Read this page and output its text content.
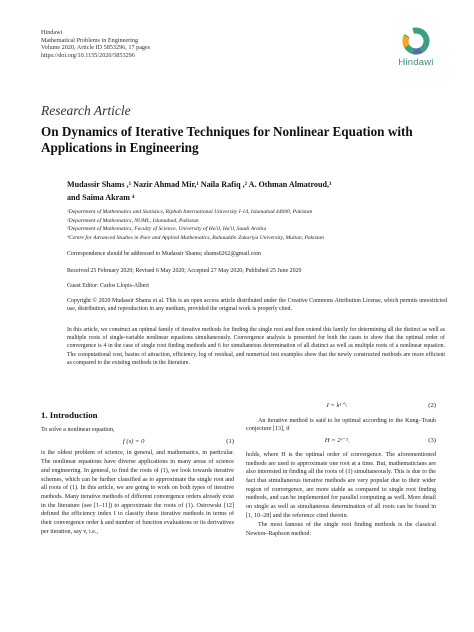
Hindawi
Mathematical Problems in Engineering
Volume 2020, Article ID 5853296, 17 pages
https://doi.org/10.1155/2020/5853296
Hindawi
Research Article
On Dynamics of Iterative Techniques for Nonlinear Equation with Applications in Engineering
Mudassir Shams ,¹ Nazir Ahmad Mir,¹ Naila Rafiq ,² A. Othman Almatroud,³
and Saima Akram ⁴
¹Department of Mathematics and Statistics, Riphah International University I-14, Islamabad 44000, Pakistan
²Department of Mathematics, NUML, Islamabad, Pakistan
³Department of Mathematics, Faculty of Science, University of Ha'il, Ha'il, Saudi Arabia
⁴Centre for Advanced Studies in Pure and Applied Mathematics, Bahauddin Zakariya University, Multan, Pakistan
Correspondence should be addressed to Mudassir Shams; shams6262@gmail.com
Received 25 February 2020; Revised 6 May 2020; Accepted 27 May 2020; Published 25 June 2020
Guest Editor: Carlos Llopis-Albert
Copyright © 2020 Mudassir Shams et al. This is an open access article distributed under the Creative Commons Attribution License, which permits unrestricted use, distribution, and reproduction in any medium, provided the original work is properly cited.
In this article, we construct an optimal family of iterative methods for finding the single root and then extend this family for determining all the distinct as well as multiple roots of single-variable nonlinear equations simultaneously. Convergence analysis is presented for both the cases to show that the optimal order of convergence is 4 in the case of single root finding methods and 6 for simultaneous determination of all distinct as well as multiple roots of a nonlinear equation. The computational cost, basins of attraction, efficiency, log of residual, and numerical test examples show that the newly constructed methods are more efficient as compared to the existing methods in the literature.
1. Introduction
To solve a nonlinear equation,
f (s) = 0	(1)
is the oldest problem of science, in general, and mathematics, in particular. The nonlinear equations have diverse applications in many areas of science and engineering. In general, to find the roots of (1), we look towards iterative schemes, which can be further classified as to approximate the single root and all roots of (1). In this article, we are going to work on both types of iterative methods. Many iterative methods of different convergence orders already exist in the literature (see [1–11]) to approximate the roots of (1). Ostrowski [12] defined the efficiency index I to classify these iterative methods in terms of their convergence order k and number of function evaluations or its derivatives per iteration, say v, i.e.,
I = k¹ᐟᵛ.	(2)
An iterative method is said to be optimal according to the Kung–Traub conjecture [13], if
H = 2ᵛ⁻¹.	(3)
holds, where H is the optimal order of convergence. The aforementioned methods are used to approximate one root at a time. But, mathematicians are also interested in finding all the roots of (1) simultaneously. This is due to the fact that simultaneous iterative methods are very popular due to their wider region of convergence, are more stable as compared to single root finding methods, and can be implemented for parallel computing as well. More detail on single as well as simultaneous determination of all roots can be found in [1, 10–28] and the reference cited therein.
The most famous of the single root finding methods is the classical Newton–Raphson method:
